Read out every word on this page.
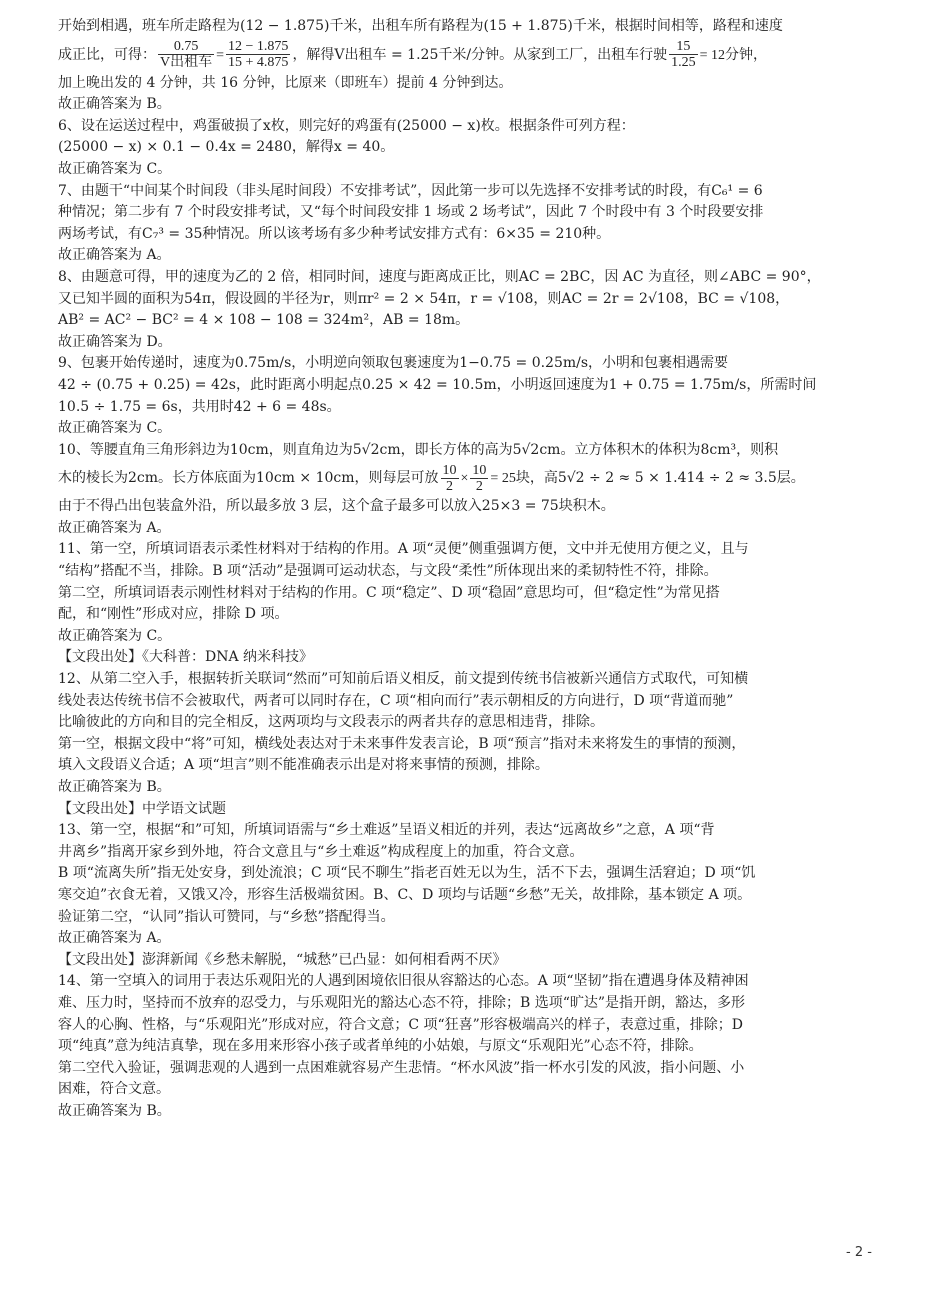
开始到相遇，班车所走路程为(12 − 1.875)千米，出租车所有路程为(15 + 1.875)千米，根据时间相等，路程和速度

成正比，可得： $\frac{0.75}{\text{V出租车}} = \frac{12 - 1.875}{15 + 4.875}$ ，解得V出租车 = 1.25千米/分钟。从家到工厂，出租车行驶 $\frac{15}{1.25} = 12$分钟，

加上晚出发的 4 分钟，共 16 分钟，比原来（即班车）提前 4 分钟到达。

故正确答案为 B。

6、设在运送过程中，鸡蛋破损了x枚，则完好的鸡蛋有(25000 − x)枚。根据条件可列方程：

(25000 − x) × 0.1 − 0.4x = 2480，解得x = 40。

故正确答案为 C。

7、由题干“中间某个时间段（非头尾时间段）不安排考试”，因此第一步可以先选择不安排考试的时段，有C₆¹ = 6

种情况；第二步有 7 个时段安排考试，又“每个时间段安排 1 场或 2 场考试”，因此 7 个时段中有 3 个时段要安排

两场考试，有C₇³ = 35种情况。所以该考场有多少种考试安排方式有：6×35 = 210种。

故正确答案为 A。

8、由题意可得，甲的速度为乙的 2 倍，相同时间，速度与距离成正比，则AC = 2BC，因 AC 为直径，则∠ABC = 90°，

又已知半圆的面积为54π，假设圆的半径为r，则πr² = 2 × 54π，r = √108，则AC = 2r = 2√108，BC = √108，

AB² = AC² − BC² = 4 × 108 − 108 = 324m²，AB = 18m。

故正确答案为 D。

9、包裹开始传递时，速度为0.75m/s，小明逆向领取包裹速度为1−0.75 = 0.25m/s，小明和包裹相遇需要

42 ÷ (0.75 + 0.25) = 42s，此时距离小明起点0.25 × 42 = 10.5m，小明返回速度为1 + 0.75 = 1.75m/s，所需时间

10.5 ÷ 1.75 = 6s，共用时42 + 6 = 48s。

故正确答案为 C。

10、等腰直角三角形斜边为10cm，则直角边为5√2cm，即长方体的高为5√2cm。立方体积木的体积为8cm³，则积

木的棱长为2cm。长方体底面为10cm × 10cm，则每层可放 $\frac{10}{2} \times \frac{10}{2} = 25$块，高5√2 ÷ 2 ≈ 5 × 1.414 ÷ 2 ≈ 3.5层。

由于不得凸出包装盒外沿，所以最多放 3 层，这个盒子最多可以放入25×3 = 75块积木。

故正确答案为 A。

11、第一空，所填词语表示柔性材料对于结构的作用。A 项“灵便”侧重强调方便，文中并无使用方便之义，且与

“结构”搭配不当，排除。B 项“活动”是强调可运动状态，与文段“柔性”所体现出来的柔韧特性不符，排除。

第二空，所填词语表示刚性材料对于结构的作用。C 项“稳定”、D 项“稳固”意思均可，但“稳定性”为常见搭

配，和“刚性”形成对应，排除 D 项。

故正确答案为 C。

【文段出处】《大科普：DNA 纳米科技》

12、从第二空入手，根据转折关联词“然而”可知前后语义相反，前文提到传统书信被新兴通信方式取代，可知横

线处表达传统书信不会被取代，两者可以同时存在，C 项“相向而行”表示朝相反的方向进行，D 项“背道而驰”

比喻彼此的方向和目的完全相反，这两项均与文段表示的两者共存的意思相违背，排除。

第一空，根据文段中“将”可知，横线处表达对于未来事件发表言论，B 项“预言”指对未来将发生的事情的预测，

填入文段语义合适；A 项“坦言”则不能准确表示出是对将来事情的预测，排除。

故正确答案为 B。

【文段出处】中学语文试题

13、第一空，根据“和”可知，所填词语需与“乡土难返”呈语义相近的并列，表达“远离故乡”之意，A 项“背

井离乡”指离开家乡到外地，符合文意且与“乡土难返”构成程度上的加重，符合文意。

B 项“流离失所”指无处安身，到处流浪；C 项“民不聊生”指老百姓无以为生，活不下去，强调生活窘迫；D 项“饥

寒交迫”衣食无着，又饿又冷，形容生活极端贫困。B、C、D 项均与话题“乡愁”无关，故排除，基本锁定 A 项。

验证第二空，“认同”指认可赞同，与“乡愁”搭配得当。

故正确答案为 A。

【文段出处】澎湃新闻《乡愁未解脱，“城愁”已凸显：如何相看两不厌》

14、第一空填入的词用于表达乐观阳光的人遇到困境依旧很从容豁达的心态。A 项“坚韧”指在遭遇身体及精神困

难、压力时，坚持而不放弃的忍受力，与乐观阳光的豁达心态不符，排除；B 选项“旷达”是指开朗，豁达，多形

容人的心胸、性格，与“乐观阳光”形成对应，符合文意；C 项“狂喜”形容极端高兴的样子，表意过重，排除；D

项“纯真”意为纯洁真挚，现在多用来形容小孩子或者单纯的小姑娘，与原文“乐观阳光”心态不符，排除。

第二空代入验证，强调悲观的人遇到一点困难就容易产生悲情。“杯水风波”指一杯水引发的风波，指小问题、小

困难，符合文意。

故正确答案为 B。

- 2 -
